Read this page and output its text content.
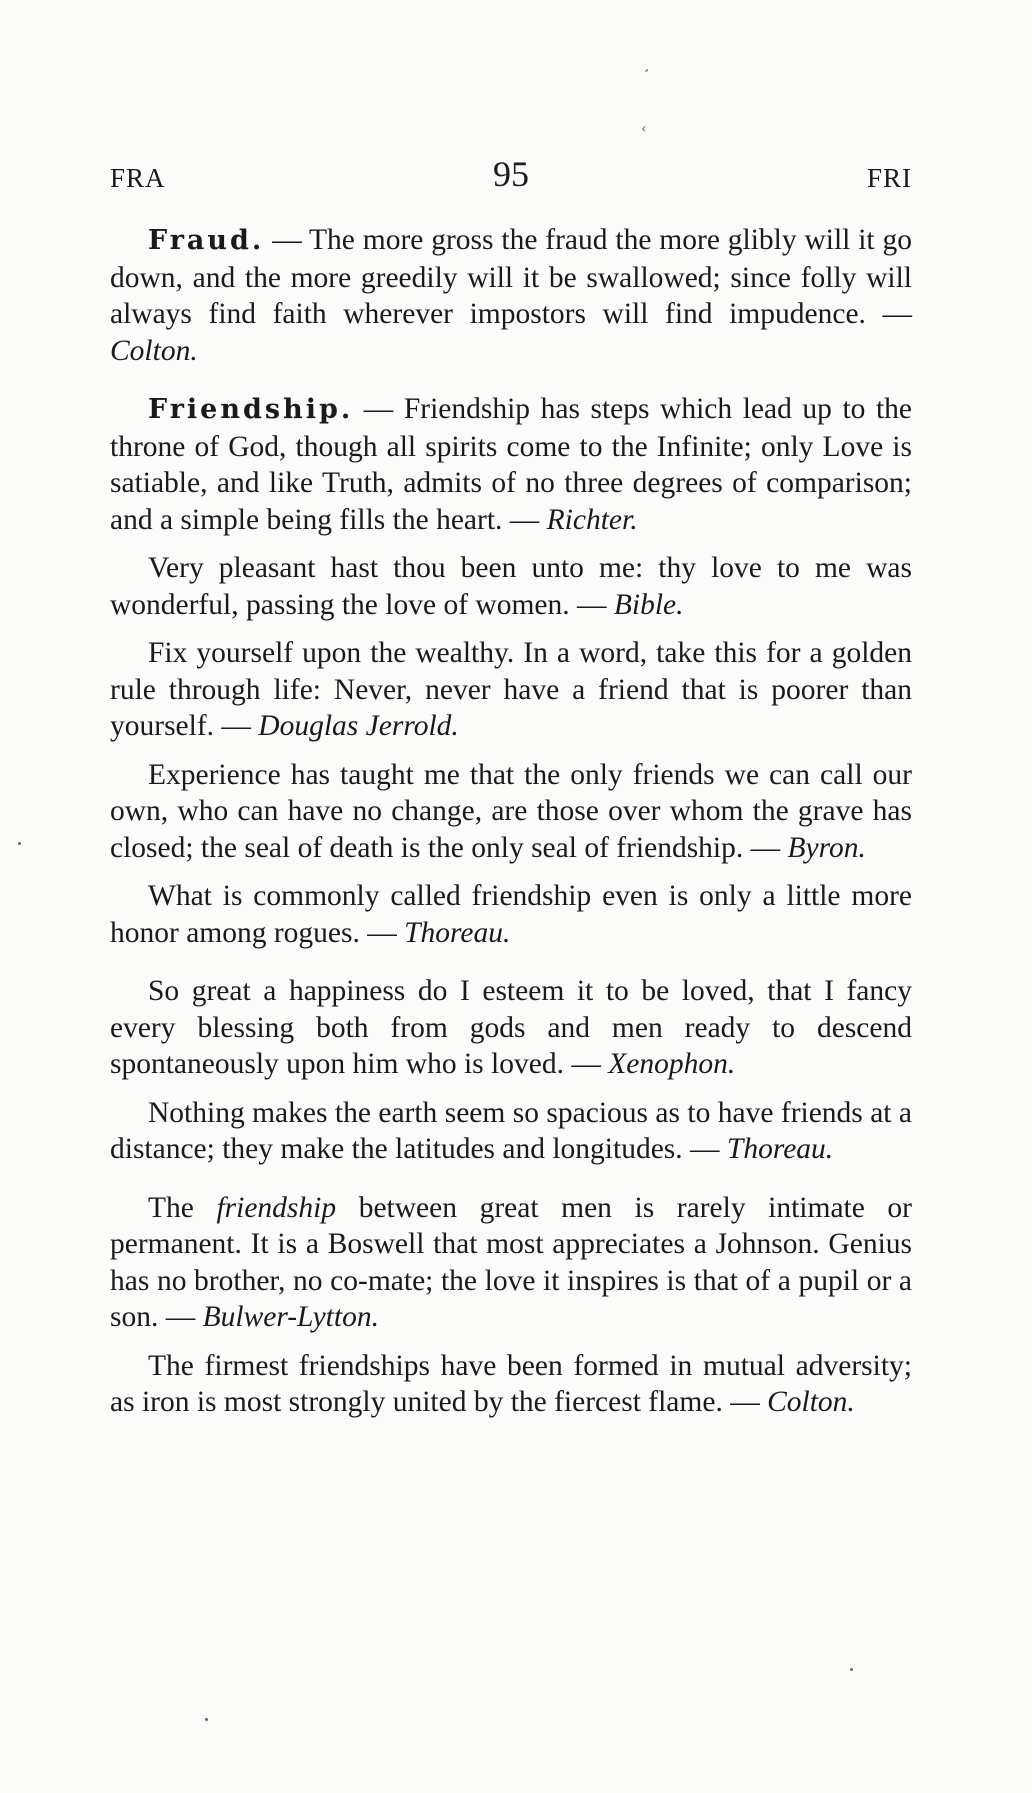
¸
‹
FRA	95	FRI

Fraud. — The more gross the fraud the more glibly will it go down, and the more greedily will it be swallowed; since folly will always find faith wherever impostors will find impudence. — Colton.

Friendship. — Friendship has steps which lead up to the throne of God, though all spirits come to the Infinite; only Love is satiable, and like Truth, admits of no three degrees of comparison; and a simple being fills the heart. — Richter.

Very pleasant hast thou been unto me: thy love to me was wonderful, passing the love of women. — Bible.

Fix yourself upon the wealthy. In a word, take this for a golden rule through life: Never, never have a friend that is poorer than yourself. — Douglas Jerrold.

Experience has taught me that the only friends we can call our own, who can have no change, are those over whom the grave has closed; the seal of death is the only seal of friendship. — Byron.

What is commonly called friendship even is only a little more honor among rogues. — Thoreau.

So great a happiness do I esteem it to be loved, that I fancy every blessing both from gods and men ready to descend spontaneously upon him who is loved. — Xenophon.

Nothing makes the earth seem so spacious as to have friends at a distance; they make the latitudes and longitudes. — Thoreau.

The friendship between great men is rarely intimate or permanent. It is a Boswell that most appreciates a Johnson. Genius has no brother, no co-mate; the love it inspires is that of a pupil or a son. — Bulwer-Lytton.

The firmest friendships have been formed in mutual adversity; as iron is most strongly united by the fiercest flame. — Colton.
